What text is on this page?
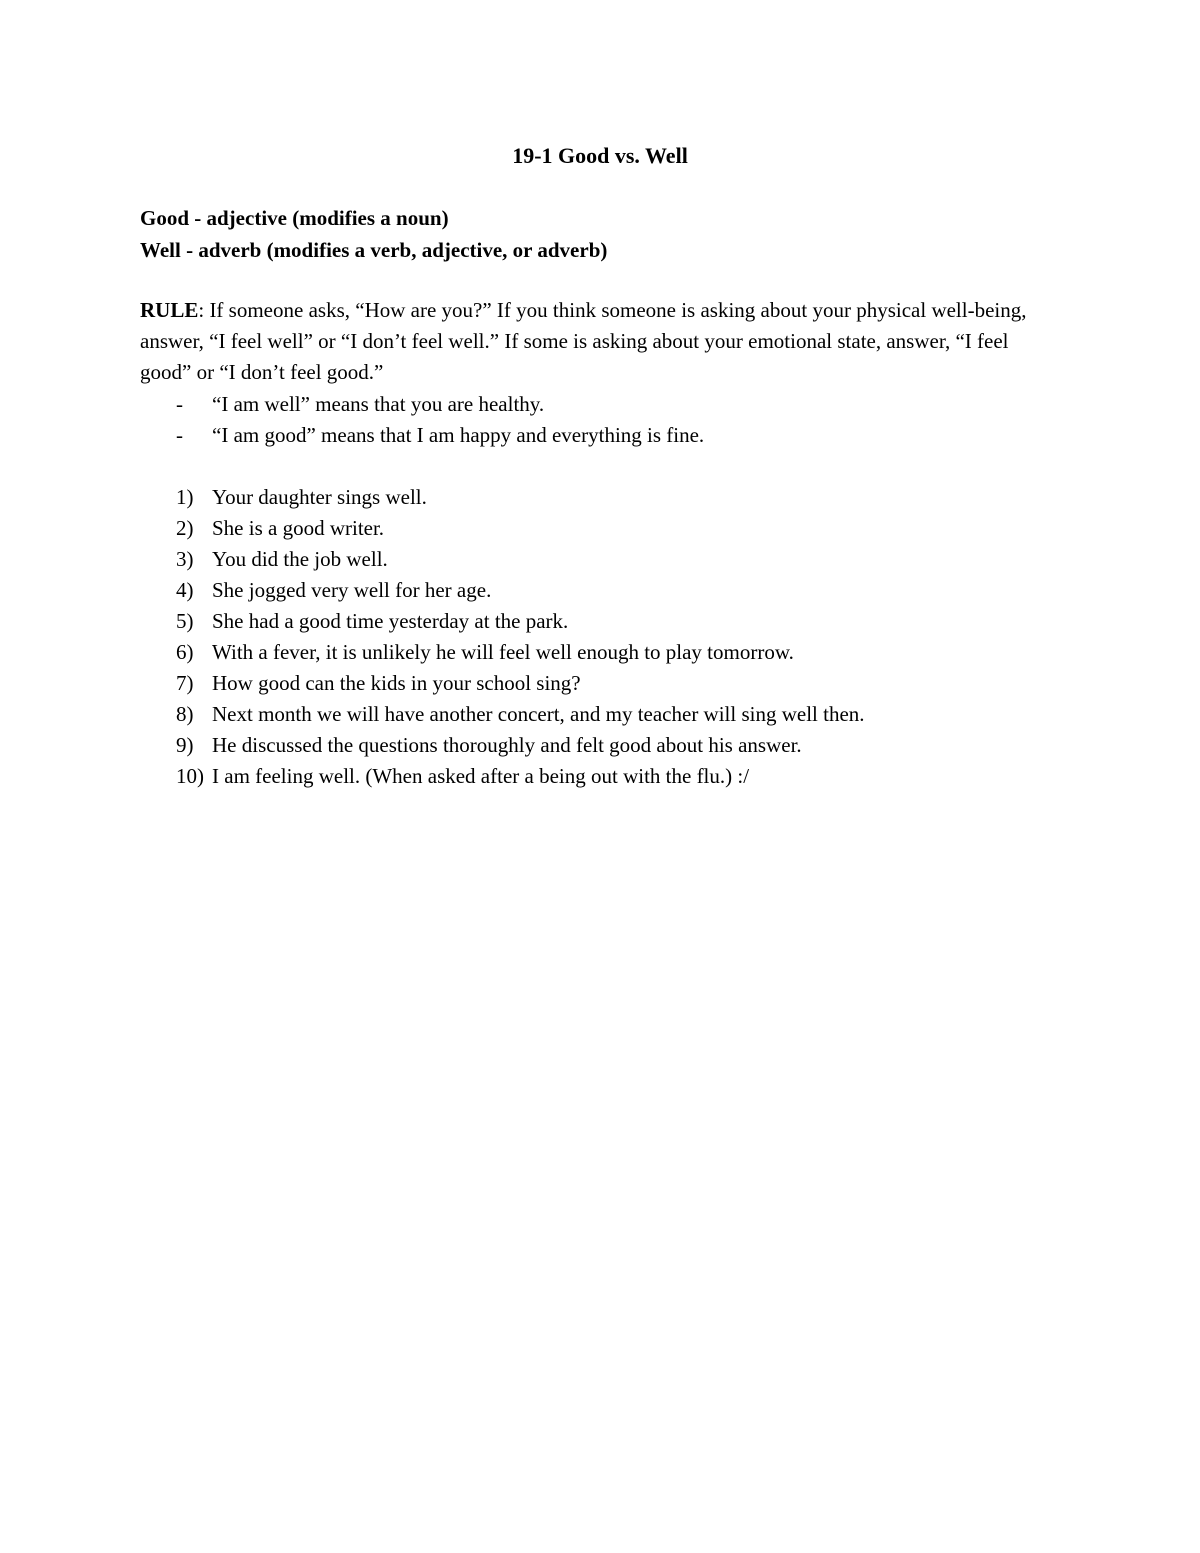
19-1 Good vs. Well
Good - adjective (modifies a noun)
Well - adverb (modifies a verb, adjective, or adverb)
RULE: If someone asks, “How are you?” If you think someone is asking about your physical well-being, answer, “I feel well” or “I don’t feel well.” If some is asking about your emotional state, answer, “I feel good” or “I don’t feel good.”
- “I am well” means that you are healthy.
- “I am good” means that I am happy and everything is fine.
1) Your daughter sings well.
2) She is a good writer.
3) You did the job well.
4) She jogged very well for her age.
5) She had a good time yesterday at the park.
6) With a fever, it is unlikely he will feel well enough to play tomorrow.
7) How good can the kids in your school sing?
8) Next month we will have another concert, and my teacher will sing well then.
9) He discussed the questions thoroughly and felt good about his answer.
10) I am feeling well. (When asked after a being out with the flu.) :/
